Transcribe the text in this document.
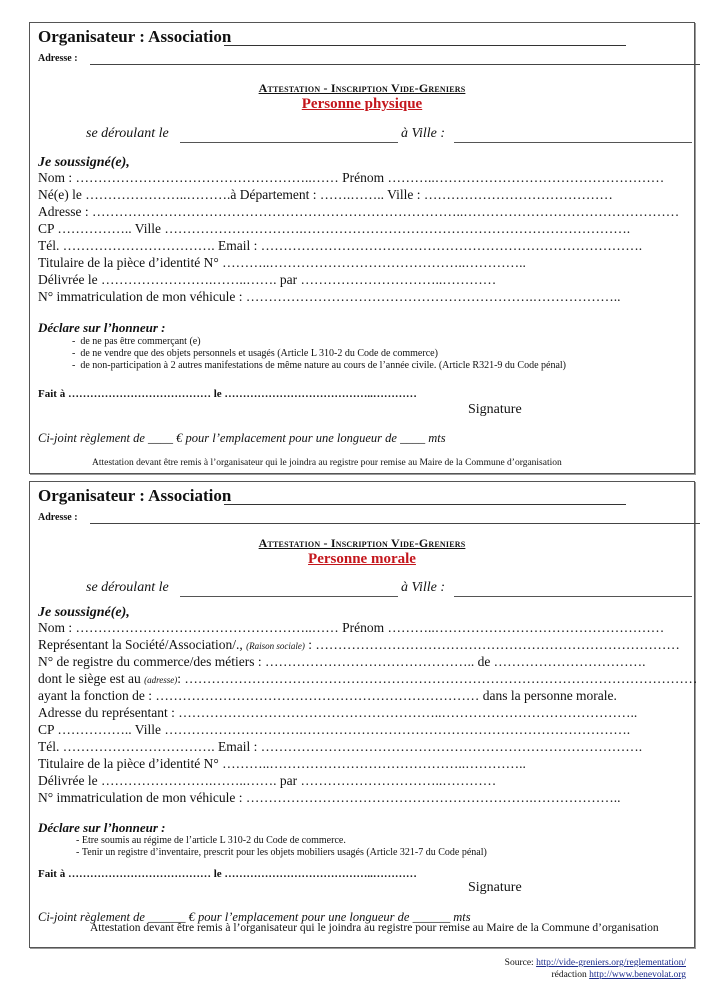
Organisateur : Association
Adresse :
Attestation - Inscription Vide-Greniers
Personne physique
se déroulant le	à Ville :
Je soussigné(e),
Nom : ……………………………………………..…… Prénom ………..……………………………………………
Né(e) le …………………..……….à Département : …….…….. Ville : ……………………………………
Adresse : ………………………………………………………………………..…………………………………………
CP …………….. Ville ………………………….……………………………………………………………….
Tél. ……………………………. Email : ………………………………………………………………………….
Titulaire de la pièce d’identité N° ………..……………………………………..…………..
Délivrée le …………………….……..……. par …………………………..…………
N° immatriculation de mon véhicule : ……………………………………………………….………………..
Déclare sur l’honneur :
-  de ne pas être commerçant (e)
-  de ne vendre que des objets personnels et usagés (Article L 310-2 du Code de commerce)
-  de non-participation à 2 autres manifestations de même nature au cours de l’année civile. (Article R321-9 du Code pénal)
Fait à ………………………………… le …………………………………..…………
Signature
Ci-joint règlement de ____ € pour l’emplacement pour une longueur de ____ mts
Attestation devant être remis à l’organisateur qui le joindra au registre pour remise au Maire de la Commune d’organisation
Organisateur : Association
Adresse :
Attestation - Inscription Vide-Greniers
Personne morale
se déroulant le	à Ville :
Je soussigné(e),
Nom : ……………………………………………..…… Prénom ………..……………………………………………
Représentant la Société/Association/., (Raison sociale) : ………………………………………………………………………
N° de registre du commerce/des métiers : ……………………………………….. de …………………………….
dont le siège est au (adresse): ……………………………………………………………………………………………………
ayant la fonction de : ……………………………………………………………… dans la personne morale.
Adresse du représentant : …………………………………………………..……………………………………..
CP …………….. Ville ………………………….……………………………………………………………….
Tél. ……………………………. Email : ………………………………………………………………………….
Titulaire de la pièce d’identité N° ………..……………………………………..…………..
Délivrée le …………………….……..……. par …………………………..…………
N° immatriculation de mon véhicule : ……………………………………………………….………………..
Déclare sur l’honneur :
- Etre soumis au régime de l’article L 310-2 du Code de commerce.
- Tenir un registre d’inventaire, prescrit pour les objets mobiliers usagés (Article 321-7 du Code pénal)
Fait à ………………………………… le …………………………………..…………
Signature
Ci-joint règlement de ______ € pour l’emplacement pour une longueur de ______ mts
Attestation devant être remis à l’organisateur qui le joindra au registre pour remise au Maire de la Commune d’organisation
Source: http://vide-greniers.org/reglementation/
rédaction http://www.benevolat.org
